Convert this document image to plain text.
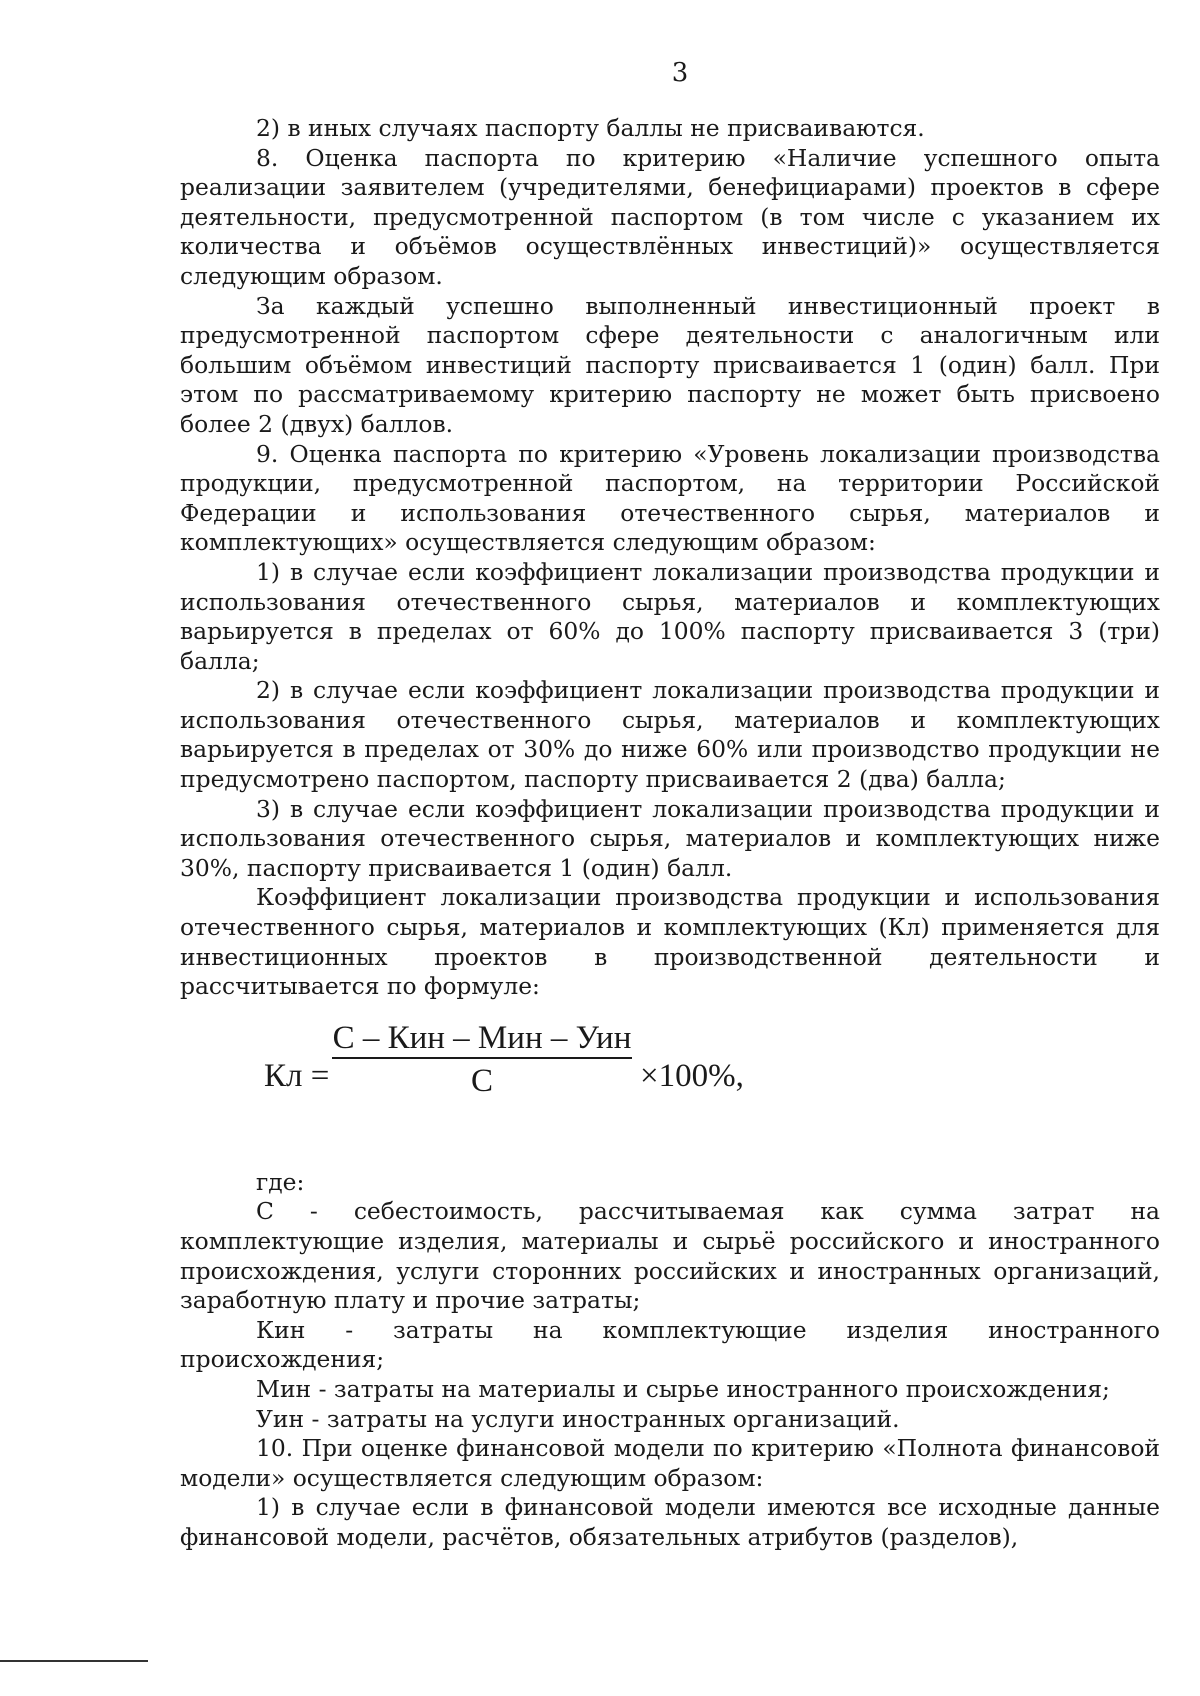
3

2) в иных случаях паспорту баллы не присваиваются.

8. Оценка паспорта по критерию «Наличие успешного опыта реализации заявителем (учредителями, бенефициарами) проектов в сфере деятельности, предусмотренной паспортом (в том числе с указанием их количества и объёмов осуществлённых инвестиций)» осуществляется следующим образом.

За каждый успешно выполненный инвестиционный проект в предусмотренной паспортом сфере деятельности с аналогичным или большим объёмом инвестиций паспорту присваивается 1 (один) балл. При этом по рассматриваемому критерию паспорту не может быть присвоено более 2 (двух) баллов.

9. Оценка паспорта по критерию «Уровень локализации производства продукции, предусмотренной паспортом, на территории Российской Федерации и использования отечественного сырья, материалов и комплектующих» осуществляется следующим образом:

1) в случае если коэффициент локализации производства продукции и использования отечественного сырья, материалов и комплектующих варьируется в пределах от 60% до 100% паспорту присваивается 3 (три) балла;

2) в случае если коэффициент локализации производства продукции и использования отечественного сырья, материалов и комплектующих варьируется в пределах от 30% до ниже 60% или производство продукции не предусмотрено паспортом, паспорту присваивается 2 (два) балла;

3) в случае если коэффициент локализации производства продукции и использования отечественного сырья, материалов и комплектующих ниже 30%, паспорту присваивается 1 (один) балл.

Коэффициент локализации производства продукции и использования отечественного сырья, материалов и комплектующих (Кл) применяется для инвестиционных проектов в производственной деятельности и рассчитывается по формуле:

Кл =
С – Кин – Мин – Уин
С	×100%,

где:

С - себестоимость, рассчитываемая как сумма затрат на комплектующие изделия, материалы и сырьё российского и иностранного происхождения, услуги сторонних российских и иностранных организаций, заработную плату и прочие затраты;

Кин - затраты на комплектующие изделия иностранного происхождения;

Мин - затраты на материалы и сырье иностранного происхождения;

Уин - затраты на услуги иностранных организаций.

10. При оценке финансовой модели по критерию «Полнота финансовой модели» осуществляется следующим образом:

1) в случае если в финансовой модели имеются все исходные данные финансовой модели, расчётов, обязательных атрибутов (разделов),
